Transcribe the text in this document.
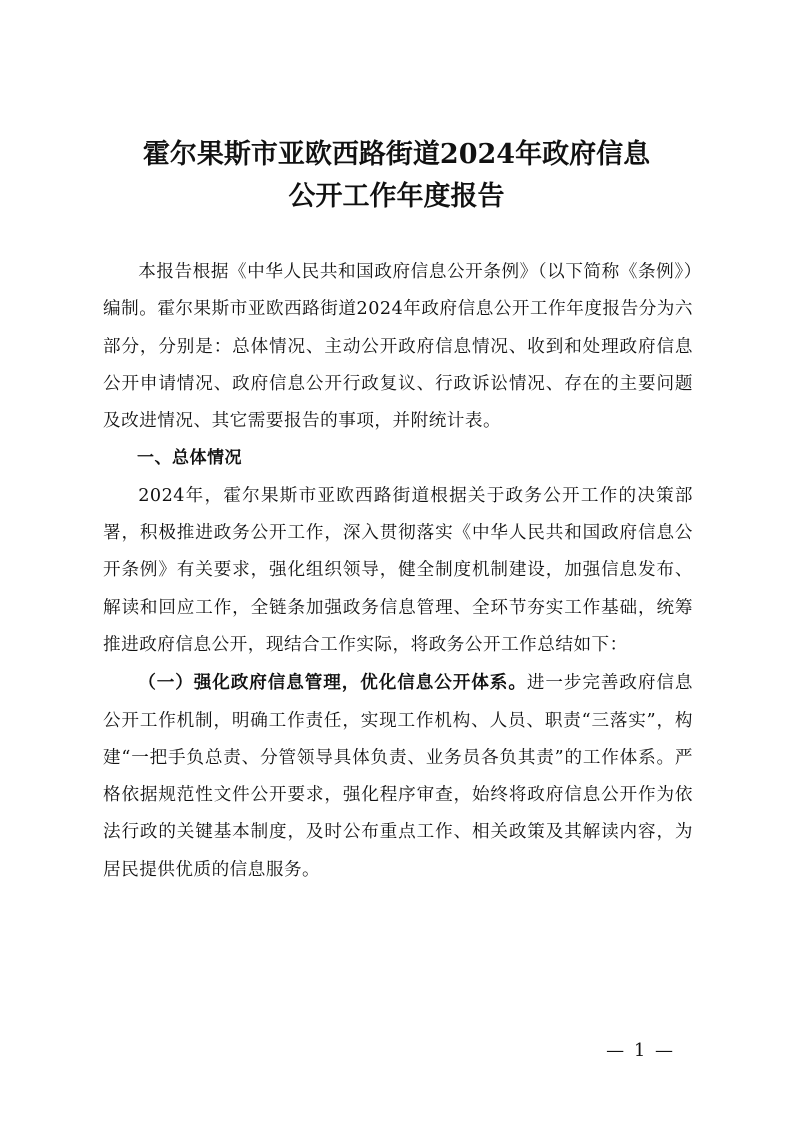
霍尔果斯市亚欧西路街道2024年政府信息
公开工作年度报告

本报告根据《中华人民共和国政府信息公开条例》（以下简称《条例》）编制。霍尔果斯市亚欧西路街道2024年政府信息公开工作年度报告分为六部分，分别是：总体情况、主动公开政府信息情况、收到和处理政府信息公开申请情况、政府信息公开行政复议、行政诉讼情况、存在的主要问题及改进情况、其它需要报告的事项，并附统计表。

一、总体情况

2024年，霍尔果斯市亚欧西路街道根据关于政务公开工作的决策部署，积极推进政务公开工作，深入贯彻落实《中华人民共和国政府信息公开条例》有关要求，强化组织领导，健全制度机制建设，加强信息发布、解读和回应工作，全链条加强政务信息管理、全环节夯实工作基础，统筹推进政府信息公开，现结合工作实际，将政务公开工作总结如下：

（一）强化政府信息管理，优化信息公开体系。进一步完善政府信息公开工作机制，明确工作责任，实现工作机构、人员、职责“三落实”，构建“一把手负总责、分管领导具体负责、业务员各负其责”的工作体系。严格依据规范性文件公开要求，强化程序审查，始终将政府信息公开作为依法行政的关键基本制度，及时公布重点工作、相关政策及其解读内容，为居民提供优质的信息服务。

— 1 —
